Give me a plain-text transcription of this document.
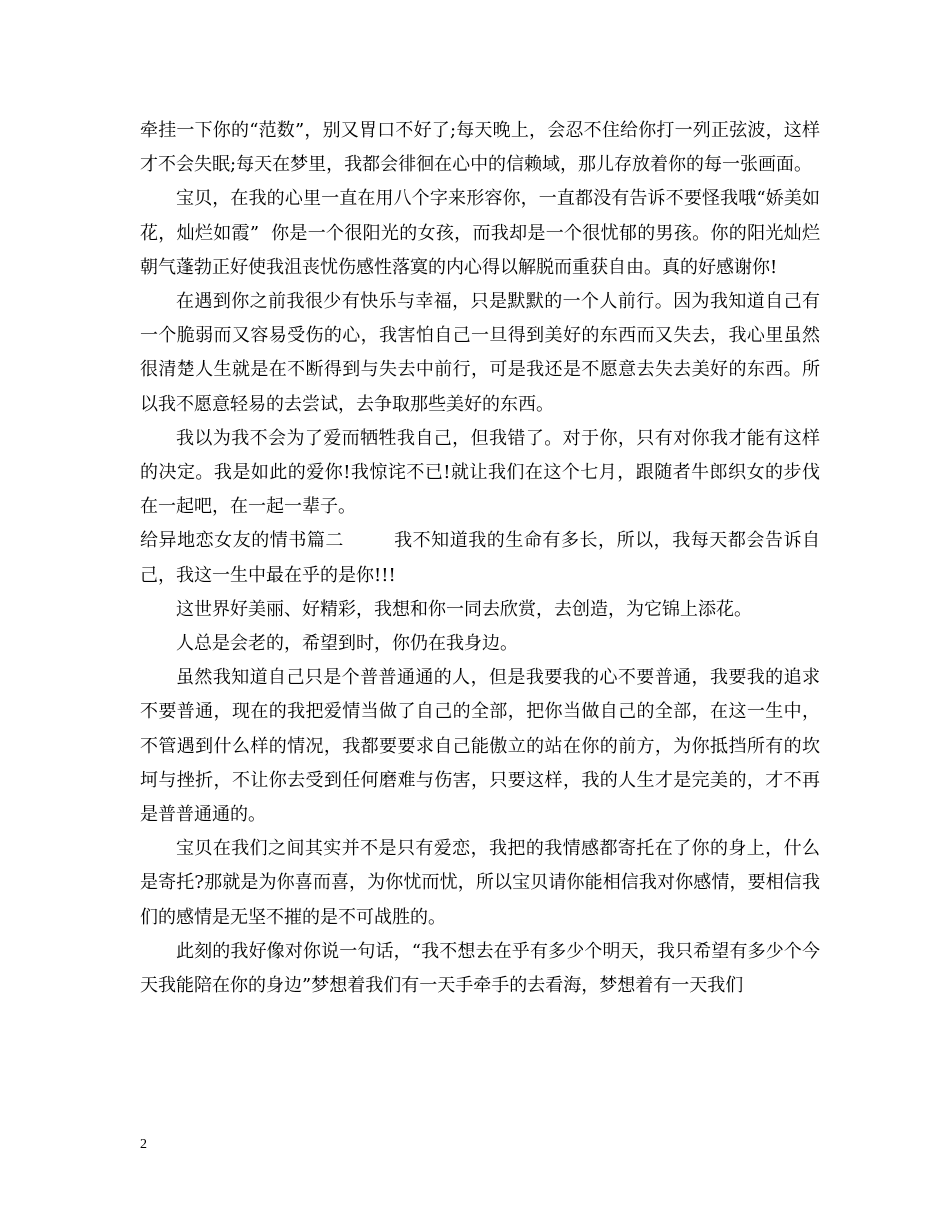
牵挂一下你的“范数”，别又胃口不好了;每天晚上，会忍不住给你打一列正弦波，这样才不会失眠;每天在梦里，我都会徘徊在心中的信赖域，那儿存放着你的每一张画面。

宝贝，在我的心里一直在用八个字来形容你，一直都没有告诉不要怪我哦“娇美如花，灿烂如霞”  你是一个很阳光的女孩，而我却是一个很忧郁的男孩。你的阳光灿烂朝气蓬勃正好使我沮丧忧伤感性落寞的内心得以解脱而重获自由。真的好感谢你!

在遇到你之前我很少有快乐与幸福，只是默默的一个人前行。因为我知道自己有一个脆弱而又容易受伤的心，我害怕自己一旦得到美好的东西而又失去，我心里虽然很清楚人生就是在不断得到与失去中前行，可是我还是不愿意去失去美好的东西。所以我不愿意轻易的去尝试，去争取那些美好的东西。

我以为我不会为了爱而牺牲我自己，但我错了。对于你，只有对你我才能有这样的决定。我是如此的爱你!我惊诧不已!就让我们在这个七月，跟随者牛郎织女的步伐在一起吧，在一起一辈子。

给异地恋女友的情书篇二        我不知道我的生命有多长，所以，我每天都会告诉自己，我这一生中最在乎的是你!!!

这世界好美丽、好精彩，我想和你一同去欣赏，去创造，为它锦上添花。

人总是会老的，希望到时，你仍在我身边。

虽然我知道自己只是个普普通通的人，但是我要我的心不要普通，我要我的追求不要普通，现在的我把爱情当做了自己的全部，把你当做自己的全部，在这一生中，不管遇到什么样的情况，我都要要求自己能傲立的站在你的前方，为你抵挡所有的坎坷与挫折，不让你去受到任何磨难与伤害，只要这样，我的人生才是完美的，才不再是普普通通的。

宝贝在我们之间其实并不是只有爱恋，我把的我情感都寄托在了你的身上，什么是寄托?那就是为你喜而喜，为你忧而忧，所以宝贝请你能相信我对你感情，要相信我们的感情是无坚不摧的是不可战胜的。

此刻的我好像对你说一句话，“我不想去在乎有多少个明天，我只希望有多少个今天我能陪在你的身边”梦想着我们有一天手牵手的去看海，梦想着有一天我们

2
